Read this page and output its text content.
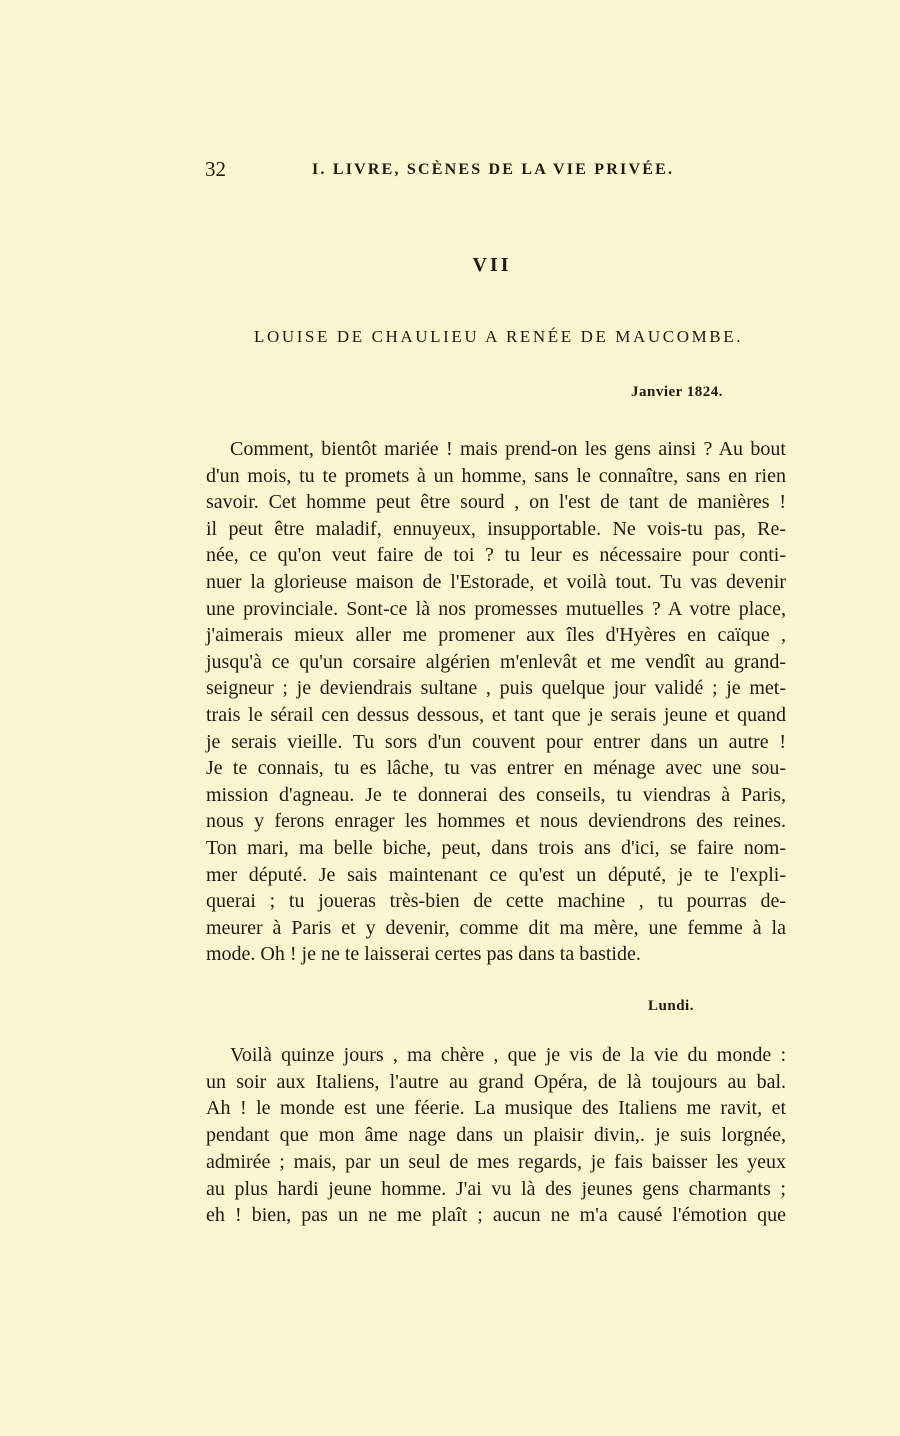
32	I. LIVRE, SCÈNES DE LA VIE PRIVÉE.
VII
LOUISE DE CHAULIEU A RENÉE DE MAUCOMBE.
Janvier 1824.
Comment, bientôt mariée ! mais prend-on les gens ainsi ? Au bout
d'un mois, tu te promets à un homme, sans le connaître, sans en rien
savoir. Cet homme peut être sourd , on l'est de tant de manières !
il peut être maladif, ennuyeux, insupportable. Ne vois-tu pas, Re-
née, ce qu'on veut faire de toi ? tu leur es nécessaire pour conti-
nuer la glorieuse maison de l'Estorade, et voilà tout. Tu vas devenir
une provinciale. Sont-ce là nos promesses mutuelles ? A votre place,
j'aimerais mieux aller me promener aux îles d'Hyères en caïque ,
jusqu'à ce qu'un corsaire algérien m'enlevât et me vendît au grand-
seigneur ; je deviendrais sultane , puis quelque jour validé ; je met-
trais le sérail cen dessus dessous, et tant que je serais jeune et quand
je serais vieille. Tu sors d'un couvent pour entrer dans un autre !
Je te connais, tu es lâche, tu vas entrer en ménage avec une sou-
mission d'agneau. Je te donnerai des conseils, tu viendras à Paris,
nous y ferons enrager les hommes et nous deviendrons des reines.
Ton mari, ma belle biche, peut, dans trois ans d'ici, se faire nom-
mer député. Je sais maintenant ce qu'est un député, je te l'expli-
querai ; tu joueras très-bien de cette machine , tu pourras de-
meurer à Paris et y devenir, comme dit ma mère, une femme à la
mode. Oh ! je ne te laisserai certes pas dans ta bastide.
Lundi.
Voilà quinze jours , ma chère , que je vis de la vie du monde :
un soir aux Italiens, l'autre au grand Opéra, de là toujours au bal.
Ah ! le monde est une féerie. La musique des Italiens me ravit, et
pendant que mon âme nage dans un plaisir divin,. je suis lorgnée,
admirée ; mais, par un seul de mes regards, je fais baisser les yeux
au plus hardi jeune homme. J'ai vu là des jeunes gens charmants ;
eh ! bien, pas un ne me plaît ; aucun ne m'a causé l'émotion que
